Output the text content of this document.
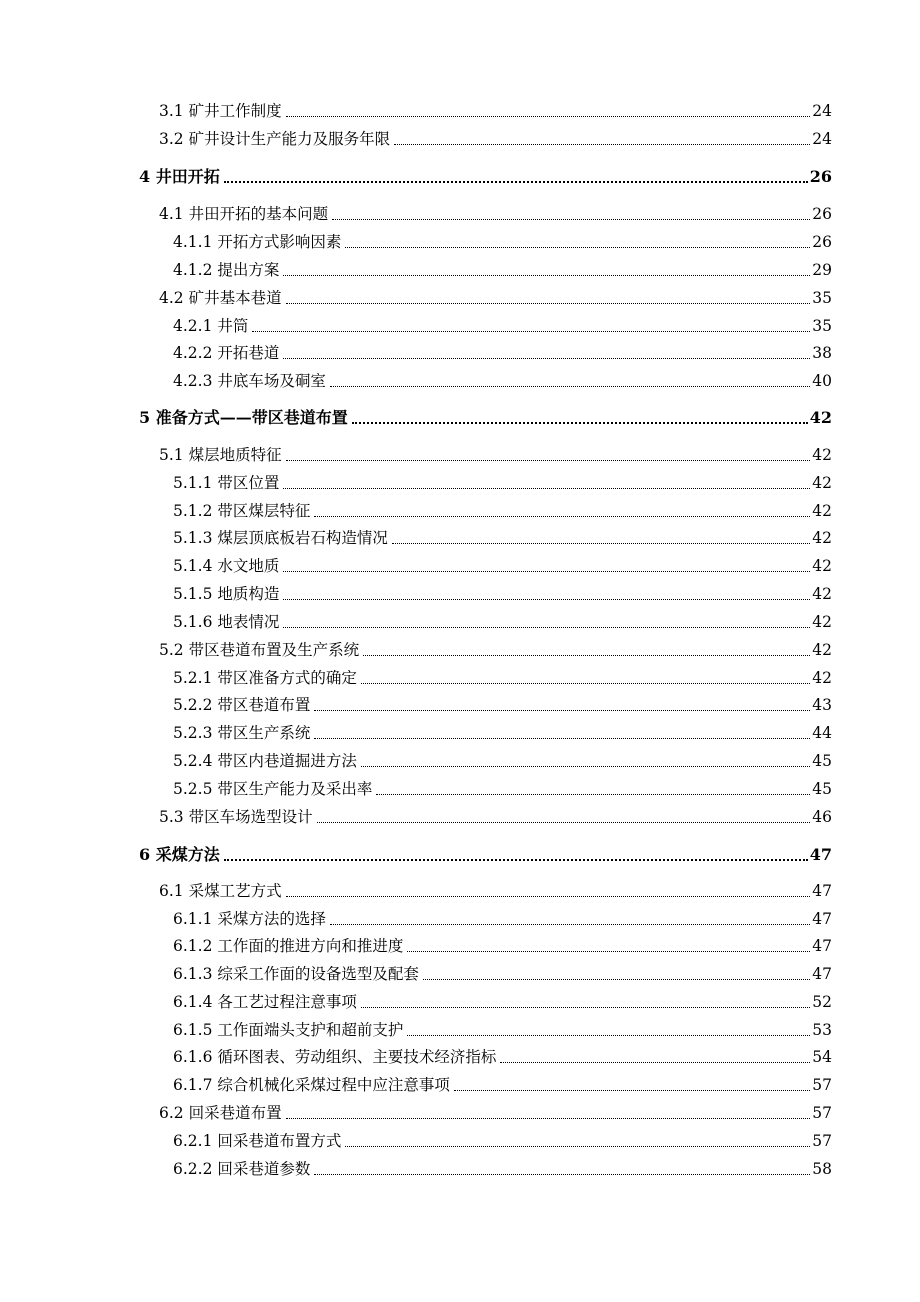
3.1 矿井工作制度	24
3.2 矿井设计生产能力及服务年限	24
4 井田开拓	26
4.1 井田开拓的基本问题	26
4.1.1 开拓方式影响因素	26
4.1.2 提出方案	29
4.2 矿井基本巷道	35
4.2.1 井筒	35
4.2.2 开拓巷道	38
4.2.3 井底车场及硐室	40
5 准备方式——带区巷道布置	42
5.1 煤层地质特征	42
5.1.1 带区位置	42
5.1.2 带区煤层特征	42
5.1.3 煤层顶底板岩石构造情况	42
5.1.4 水文地质	42
5.1.5 地质构造	42
5.1.6 地表情况	42
5.2 带区巷道布置及生产系统	42
5.2.1 带区准备方式的确定	42
5.2.2 带区巷道布置	43
5.2.3 带区生产系统	44
5.2.4 带区内巷道掘进方法	45
5.2.5 带区生产能力及采出率	45
5.3 带区车场选型设计	46
6 采煤方法	47
6.1 采煤工艺方式	47
6.1.1 采煤方法的选择	47
6.1.2 工作面的推进方向和推进度	47
6.1.3 综采工作面的设备选型及配套	47
6.1.4 各工艺过程注意事项	52
6.1.5 工作面端头支护和超前支护	53
6.1.6 循环图表、劳动组织、主要技术经济指标	54
6.1.7 综合机械化采煤过程中应注意事项	57
6.2 回采巷道布置	57
6.2.1 回采巷道布置方式	57
6.2.2 回采巷道参数	58
